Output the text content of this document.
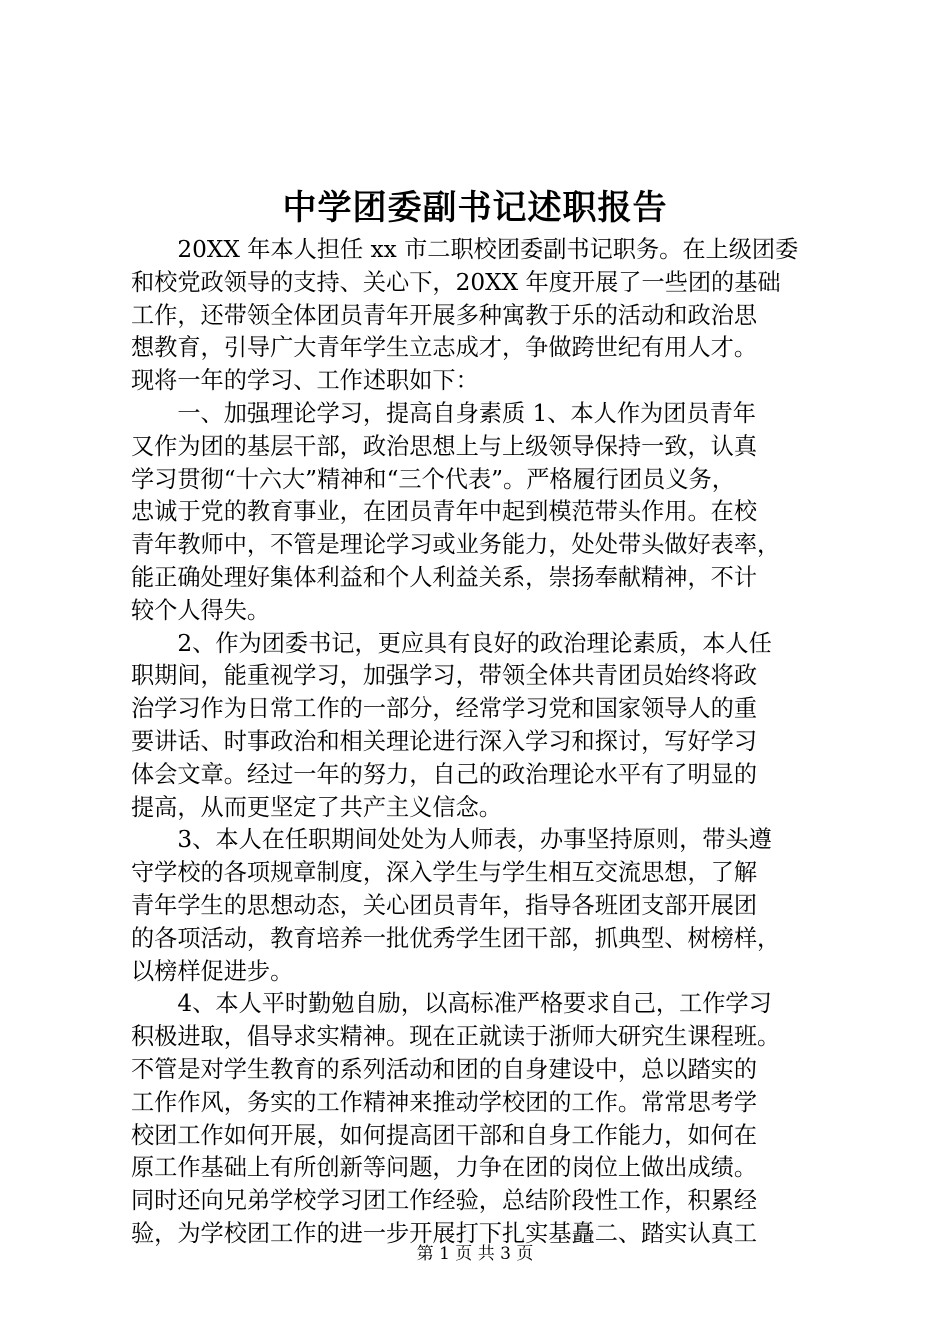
中学团委副书记述职报告
　　20XX 年本人担任 xx 市二职校团委副书记职务。在上级团委
和校党政领导的支持、关心下，20XX 年度开展了一些团的基础
工作，还带领全体团员青年开展多种寓教于乐的活动和政治思
想教育，引导广大青年学生立志成才，争做跨世纪有用人才。
现将一年的学习、工作述职如下：
　　一、加强理论学习，提高自身素质 1、本人作为团员青年
又作为团的基层干部，政治思想上与上级领导保持一致，认真
学习贯彻“十六大”精神和“三个代表”。严格履行团员义务，
忠诚于党的教育事业，在团员青年中起到模范带头作用。在校
青年教师中，不管是理论学习或业务能力，处处带头做好表率，
能正确处理好集体利益和个人利益关系，崇扬奉献精神，不计
较个人得失。
　　2、作为团委书记，更应具有良好的政治理论素质，本人任
职期间，能重视学习，加强学习，带领全体共青团员始终将政
治学习作为日常工作的一部分，经常学习党和国家领导人的重
要讲话、时事政治和相关理论进行深入学习和探讨，写好学习
体会文章。经过一年的努力，自己的政治理论水平有了明显的
提高，从而更坚定了共产主义信念。
　　3、本人在任职期间处处为人师表，办事坚持原则，带头遵
守学校的各项规章制度，深入学生与学生相互交流思想，了解
青年学生的思想动态，关心团员青年，指导各班团支部开展团
的各项活动，教育培养一批优秀学生团干部，抓典型、树榜样，
以榜样促进步。
　　4、本人平时勤勉自励，以高标准严格要求自己，工作学习
积极进取，倡导求实精神。现在正就读于浙师大研究生课程班。
不管是对学生教育的系列活动和团的自身建设中，总以踏实的
工作作风，务实的工作精神来推动学校团的工作。常常思考学
校团工作如何开展，如何提高团干部和自身工作能力，如何在
原工作基础上有所创新等问题，力争在团的岗位上做出成绩。
同时还向兄弟学校学习团工作经验，总结阶段性工作，积累经
验，为学校团工作的进一步开展打下扎实基矗二、踏实认真工
第 1 页 共 3 页
